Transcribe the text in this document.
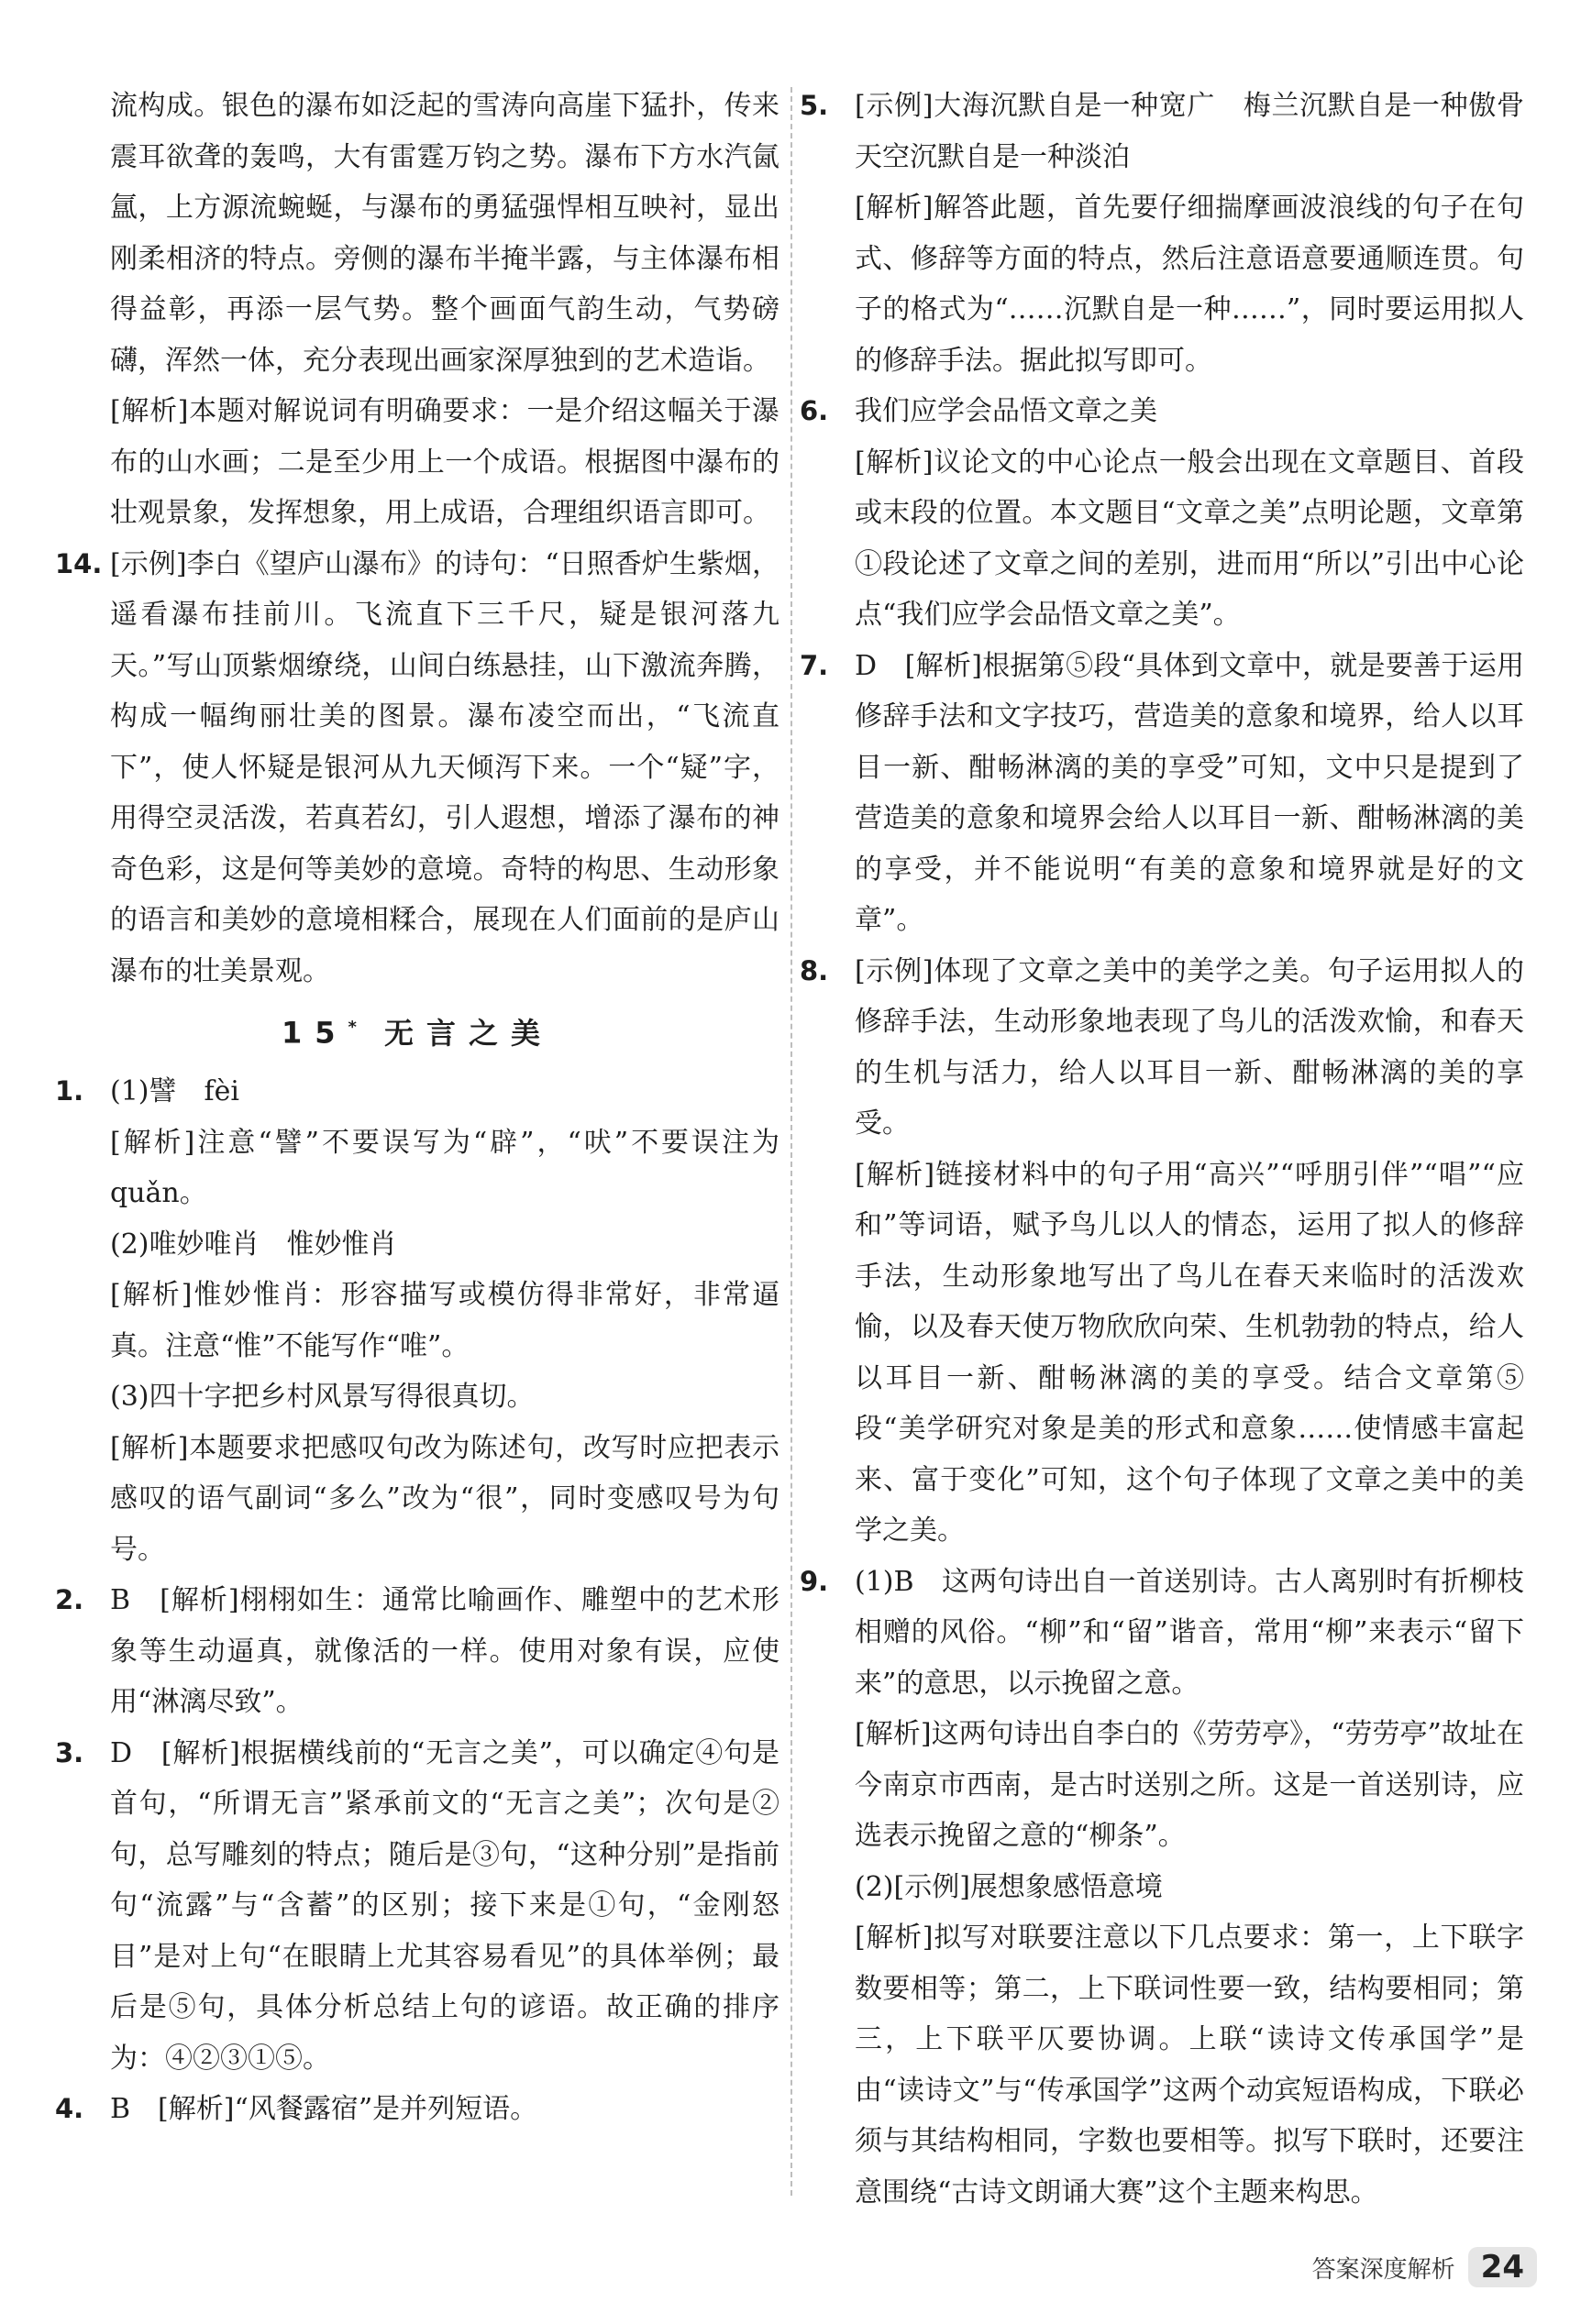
流构成。银色的瀑布如泛起的雪涛向高崖下猛扑，传来震耳欲聋的轰鸣，大有雷霆万钧之势。瀑布下方水汽氤氲，上方源流蜿蜒，与瀑布的勇猛强悍相互映衬，显出刚柔相济的特点。旁侧的瀑布半掩半露，与主体瀑布相得益彰，再添一层气势。整个画面气韵生动，气势磅礴，浑然一体，充分表现出画家深厚独到的艺术造诣。

[解析]本题对解说词有明确要求：一是介绍这幅关于瀑布的山水画；二是至少用上一个成语。根据图中瀑布的壮观景象，发挥想象，用上成语，合理组织语言即可。

14. [示例]李白《望庐山瀑布》的诗句：“日照香炉生紫烟，遥看瀑布挂前川。飞流直下三千尺，疑是银河落九天。”写山顶紫烟缭绕，山间白练悬挂，山下激流奔腾，构成一幅绚丽壮美的图景。瀑布凌空而出，“飞流直下”，使人怀疑是银河从九天倾泻下来。一个“疑”字，用得空灵活泼，若真若幻，引人遐想，增添了瀑布的神奇色彩，这是何等美妙的意境。奇特的构思、生动形象的语言和美妙的意境相糅合，展现在人们面前的是庐山瀑布的壮美景观。

15* 无言之美

1. (1)譬　fèi

[解析]注意“譬”不要误写为“辟”，“吠”不要误注为 quǎn。

(2)唯妙唯肖　惟妙惟肖

[解析]惟妙惟肖：形容描写或模仿得非常好，非常逼真。注意“惟”不能写作“唯”。

(3)四十字把乡村风景写得很真切。

[解析]本题要求把感叹句改为陈述句，改写时应把表示感叹的语气副词“多么”改为“很”，同时变感叹号为句号。

2. B　[解析]栩栩如生：通常比喻画作、雕塑中的艺术形象等生动逼真，就像活的一样。使用对象有误，应使用“淋漓尽致”。

3. D　[解析]根据横线前的“无言之美”，可以确定④句是首句，“所谓无言”紧承前文的“无言之美”；次句是②句，总写雕刻的特点；随后是③句，“这种分别”是指前句“流露”与“含蓄”的区别；接下来是①句，“金刚怒目”是对上句“在眼睛上尤其容易看见”的具体举例；最后是⑤句，具体分析总结上句的谚语。故正确的排序为：④②③①⑤。

4. B　[解析]“风餐露宿”是并列短语。

5. [示例]大海沉默自是一种宽广　梅兰沉默自是一种傲骨　天空沉默自是一种淡泊

[解析]解答此题，首先要仔细揣摩画波浪线的句子在句式、修辞等方面的特点，然后注意语意要通顺连贯。句子的格式为“……沉默自是一种……”，同时要运用拟人的修辞手法。据此拟写即可。

6. 我们应学会品悟文章之美

[解析]议论文的中心论点一般会出现在文章题目、首段或末段的位置。本文题目“文章之美”点明论题，文章第①段论述了文章之间的差别，进而用“所以”引出中心论点“我们应学会品悟文章之美”。

7. D　[解析]根据第⑤段“具体到文章中，就是要善于运用修辞手法和文字技巧，营造美的意象和境界，给人以耳目一新、酣畅淋漓的美的享受”可知，文中只是提到了营造美的意象和境界会给人以耳目一新、酣畅淋漓的美的享受，并不能说明“有美的意象和境界就是好的文章”。

8. [示例]体现了文章之美中的美学之美。句子运用拟人的修辞手法，生动形象地表现了鸟儿的活泼欢愉，和春天的生机与活力，给人以耳目一新、酣畅淋漓的美的享受。

[解析]链接材料中的句子用“高兴”“呼朋引伴”“唱”“应和”等词语，赋予鸟儿以人的情态，运用了拟人的修辞手法，生动形象地写出了鸟儿在春天来临时的活泼欢愉，以及春天使万物欣欣向荣、生机勃勃的特点，给人以耳目一新、酣畅淋漓的美的享受。结合文章第⑤段“美学研究对象是美的形式和意象……使情感丰富起来、富于变化”可知，这个句子体现了文章之美中的美学之美。

9. (1)B　这两句诗出自一首送别诗。古人离别时有折柳枝相赠的风俗。“柳”和“留”谐音，常用“柳”来表示“留下来”的意思，以示挽留之意。

[解析]这两句诗出自李白的《劳劳亭》，“劳劳亭”故址在今南京市西南，是古时送别之所。这是一首送别诗，应选表示挽留之意的“柳条”。

(2)[示例]展想象感悟意境

[解析]拟写对联要注意以下几点要求：第一，上下联字数要相等；第二，上下联词性要一致，结构要相同；第三，上下联平仄要协调。上联“读诗文传承国学”是由“读诗文”与“传承国学”这两个动宾短语构成，下联必须与其结构相同，字数也要相等。拟写下联时，还要注意围绕“古诗文朗诵大赛”这个主题来构思。

答案深度解析 24
